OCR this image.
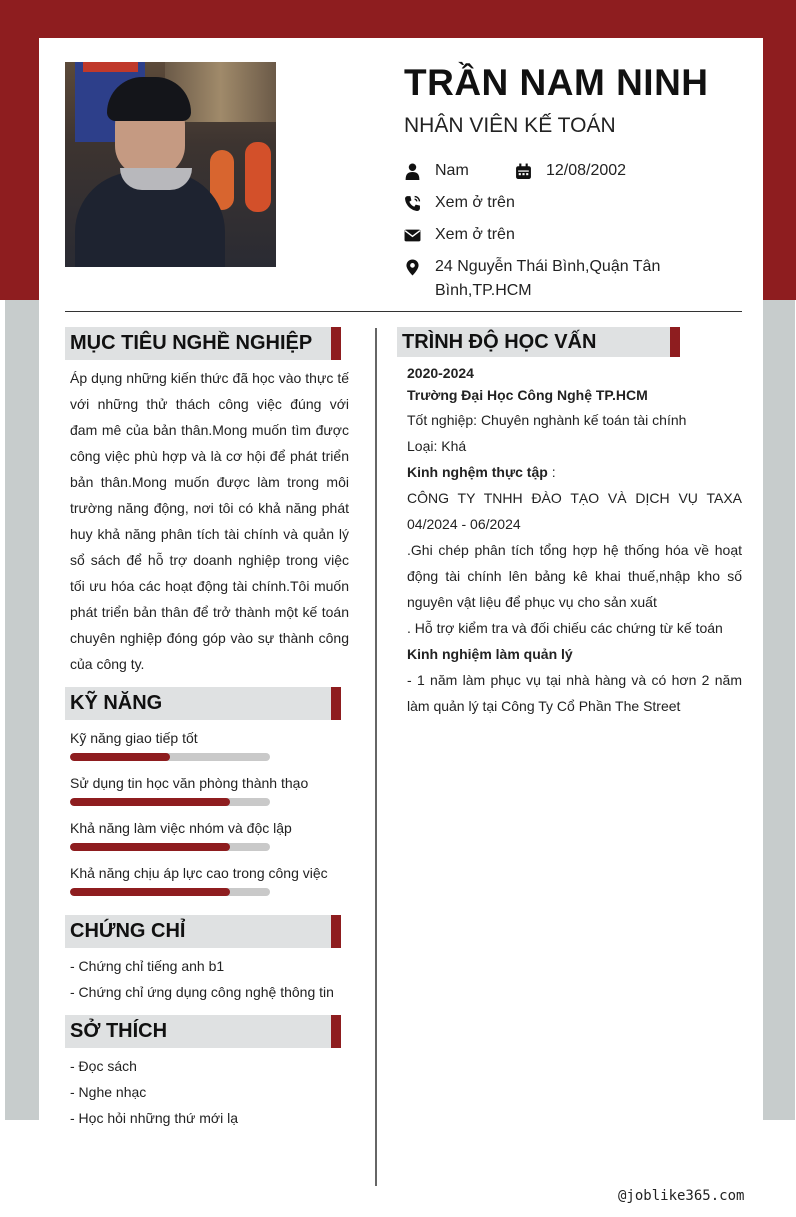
TRẦN NAM NINH
NHÂN VIÊN KẾ TOÁN
Nam	12/08/2002
Xem ở trên
Xem ở trên
24 Nguyễn Thái Bình,Quận Tân Bình,TP.HCM
MỤC TIÊU NGHỀ NGHIỆP
Áp dụng những kiến thức đã học vào thực tế với những thử thách công việc đúng với đam mê của bản thân.Mong muốn tìm được công việc phù hợp và là cơ hội để phát triển bản thân.Mong muốn được làm trong môi trường năng động, nơi tôi có khả năng phát huy khả năng phân tích tài chính và quản lý sổ sách để hỗ trợ doanh nghiệp trong việc tối ưu hóa các hoạt động tài chính.Tôi muốn phát triển bản thân để trở thành một kế toán chuyên nghiệp đóng góp vào sự thành công của công ty.
KỸ NĂNG
Kỹ năng giao tiếp tốt
Sử dụng tin học văn phòng thành thạo
Khả năng làm việc nhóm và độc lập
Khả năng chịu áp lực cao trong công việc
CHỨNG CHỈ
- Chứng chỉ tiếng anh b1
- Chứng chỉ ứng dụng công nghệ thông tin
SỞ THÍCH
- Đọc sách
- Nghe nhạc
- Học hỏi những thứ mới lạ
TRÌNH ĐỘ HỌC VẤN
2020-2024
Trường Đại Học Công Nghệ TP.HCM
Tốt nghiệp: Chuyên nghành kế toán tài chính
Loại: Khá
Kinh nghệm thực tập :
CÔNG TY TNHH ĐÀO TẠO VÀ DỊCH VỤ TAXA 04/2024 - 06/2024
.Ghi chép phân tích tổng hợp hệ thống hóa về hoạt động tài chính lên bảng kê khai thuế,nhập kho số nguyên vật liệu để phục vụ cho sản xuất
. Hỗ trợ kiểm tra và đối chiếu các chứng từ kế toán
Kinh nghiệm làm quản lý
- 1 năm làm phục vụ tại nhà hàng và có hơn 2 năm làm quản lý tại Công Ty Cổ Phần The Street
@joblike365.com
